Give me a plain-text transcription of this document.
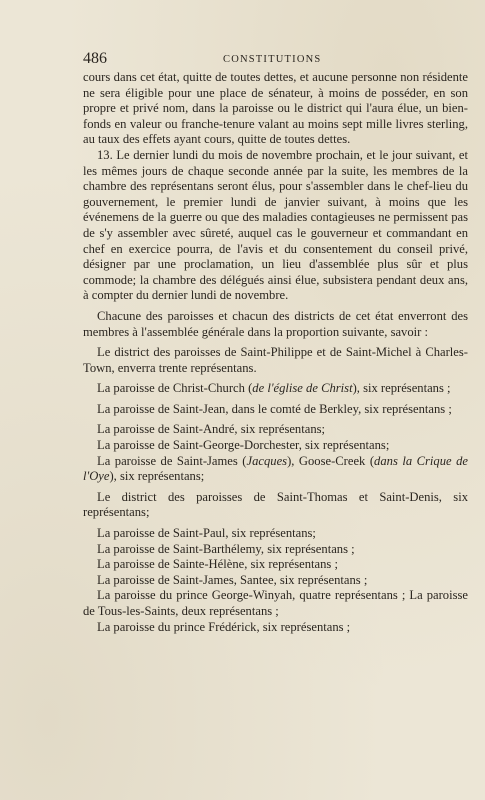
486	CONSTITUTIONS

cours dans cet état, quitte de toutes dettes, et aucune personne non résidente ne sera éligible pour une place de sénateur, à moins de posséder, en son propre et privé nom, dans la paroisse ou le district qui l'aura élue, un bien-fonds en valeur ou franche-tenure valant au moins sept mille livres sterling, au taux des effets ayant cours, quitte de toutes dettes.

13. Le dernier lundi du mois de novembre prochain, et le jour suivant, et les mêmes jours de chaque seconde année par la suite, les membres de la chambre des représentans seront élus, pour s'assembler dans le chef-lieu du gouvernement, le premier lundi de janvier suivant, à moins que les événemens de la guerre ou que des maladies contagieuses ne permissent pas de s'y assembler avec sûreté, auquel cas le gouverneur et commandant en chef en exercice pourra, de l'avis et du consentement du conseil privé, désigner par une proclamation, un lieu d'assemblée plus sûr et plus commode; la chambre des délégués ainsi élue, subsistera pendant deux ans, à compter du dernier lundi de novembre.

Chacune des paroisses et chacun des districts de cet état enverront des membres à l'assemblée générale dans la proportion suivante, savoir :

Le district des paroisses de Saint-Philippe et de Saint-Michel à Charles-Town, enverra trente représentans.

La paroisse de Christ-Church (de l'église de Christ), six représentans ;

La paroisse de Saint-Jean, dans le comté de Berkley, six représentans ;

La paroisse de Saint-André, six représentans;

La paroisse de Saint-George-Dorchester, six représentans;

La paroisse de Saint-James (Jacques), Goose-Creek (dans la Crique de l'Oye), six représentans;

Le district des paroisses de Saint-Thomas et Saint-Denis, six représentans;

La paroisse de Saint-Paul, six représentans;

La paroisse de Saint-Barthélemy, six représentans ;

La paroisse de Sainte-Hélène, six représentans ;

La paroisse de Saint-James, Santee, six représentans ;

La paroisse du prince George-Winyah, quatre représentans ; La paroisse de Tous-les-Saints, deux représentans ;

La paroisse du prince Frédérick, six représentans ;
